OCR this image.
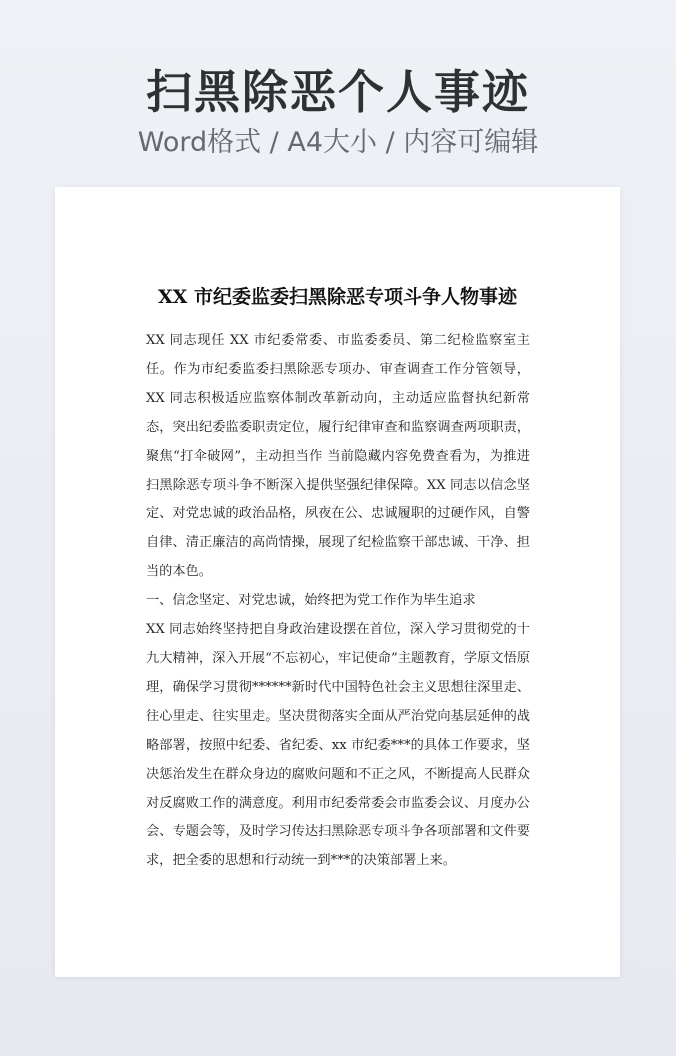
扫黑除恶个人事迹
Word格式 / A4大小 / 内容可编辑
XX 市纪委监委扫黑除恶专项斗争人物事迹

XX 同志现任 XX 市纪委常委、市监委委员、第二纪检监察室主任。作为市纪委监委扫黑除恶专项办、审查调查工作分管领导，XX 同志积极适应监察体制改革新动向，主动适应监督执纪新常态，突出纪委监委职责定位，履行纪律审查和监察调查两项职责，聚焦“打伞破网”，主动担当作 当前隐藏内容免费查看为，为推进扫黑除恶专项斗争不断深入提供坚强纪律保障。XX 同志以信念坚定、对党忠诚的政治品格，夙夜在公、忠诚履职的过硬作风，自警自律、清正廉洁的高尚情操，展现了纪检监察干部忠诚、干净、担当的本色。

一、信念坚定、对党忠诚，始终把为党工作作为毕生追求

XX 同志始终坚持把自身政治建设摆在首位，深入学习贯彻党的十九大精神，深入开展“不忘初心，牢记使命”主题教育，学原文悟原理，确保学习贯彻******新时代中国特色社会主义思想往深里走、往心里走、往实里走。坚决贯彻落实全面从严治党向基层延伸的战略部署，按照中纪委、省纪委、xx 市纪委***的具体工作要求，坚决惩治发生在群众身边的腐败问题和不正之风，不断提高人民群众对反腐败工作的满意度。利用市纪委常委会市监委会议、月度办公会、专题会等，及时学习传达扫黑除恶专项斗争各项部署和文件要求，把全委的思想和行动统一到***的决策部署上来。
